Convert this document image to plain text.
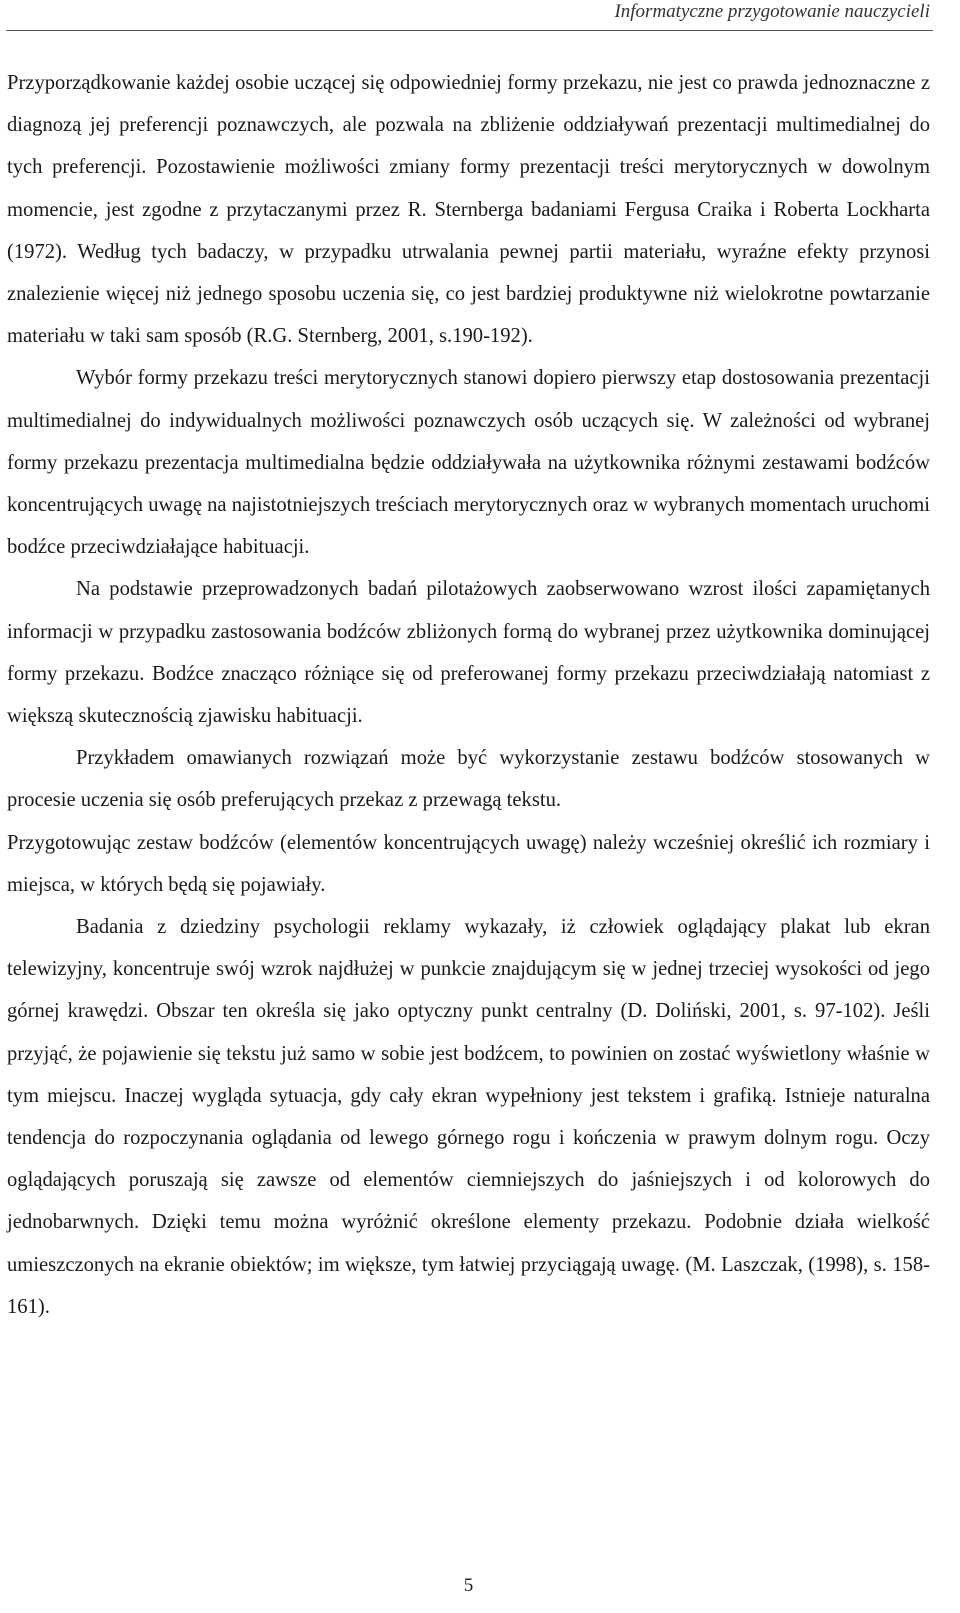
Informatyczne przygotowanie nauczycieli

Przyporządkowanie każdej osobie uczącej się odpowiedniej formy przekazu, nie jest co prawda jednoznaczne z diagnozą jej preferencji poznawczych, ale pozwala na zbliżenie oddziaływań prezentacji multimedialnej do tych preferencji. Pozostawienie możliwości zmiany formy prezentacji treści merytorycznych w dowolnym momencie, jest zgodne z przytaczanymi przez R. Sternberga badaniami Fergusa Craika i Roberta Lockharta (1972). Według tych badaczy, w przypadku utrwalania pewnej partii materiału, wyraźne efekty przynosi znalezienie więcej niż jednego sposobu uczenia się, co jest bardziej produktywne niż wielokrotne powtarzanie materiału w taki sam sposób (R.G. Sternberg, 2001, s.190-192).

Wybór formy przekazu treści merytorycznych stanowi dopiero pierwszy etap dostosowania prezentacji multimedialnej do indywidualnych możliwości poznawczych osób uczących się. W zależności od wybranej formy przekazu prezentacja multimedialna będzie oddziaływała na użytkownika różnymi zestawami bodźców koncentrujących uwagę na najistotniejszych treściach merytorycznych oraz w wybranych momentach uruchomi bodźce przeciwdziałające habituacji.

Na podstawie przeprowadzonych badań pilotażowych zaobserwowano wzrost ilości zapamiętanych informacji w przypadku zastosowania bodźców zbliżonych formą do wybranej przez użytkownika dominującej formy przekazu. Bodźce znacząco różniące się od preferowanej formy przekazu przeciwdziałają natomiast z większą skutecznością zjawisku habituacji.

Przykładem omawianych rozwiązań może być wykorzystanie zestawu bodźców stosowanych w procesie uczenia się osób preferujących przekaz z przewagą tekstu.

Przygotowując zestaw bodźców (elementów koncentrujących uwagę) należy wcześniej określić ich rozmiary i miejsca, w których będą się pojawiały.

Badania z dziedziny psychologii reklamy wykazały, iż człowiek oglądający plakat lub ekran telewizyjny, koncentruje swój wzrok najdłużej w punkcie znajdującym się w jednej trzeciej wysokości od jego górnej krawędzi. Obszar ten określa się jako optyczny punkt centralny (D. Doliński, 2001, s. 97-102). Jeśli przyjąć, że pojawienie się tekstu już samo w sobie jest bodźcem, to powinien on zostać wyświetlony właśnie w tym miejscu. Inaczej wygląda sytuacja, gdy cały ekran wypełniony jest tekstem i grafiką. Istnieje naturalna tendencja do rozpoczynania oglądania od lewego górnego rogu i kończenia w prawym dolnym rogu. Oczy oglądających poruszają się zawsze od elementów ciemniejszych do jaśniejszych i od kolorowych do jednobarwnych. Dzięki temu można wyróżnić określone elementy przekazu. Podobnie działa wielkość umieszczonych na ekranie obiektów; im większe, tym łatwiej przyciągają uwagę. (M. Laszczak, (1998), s. 158-161).

5
